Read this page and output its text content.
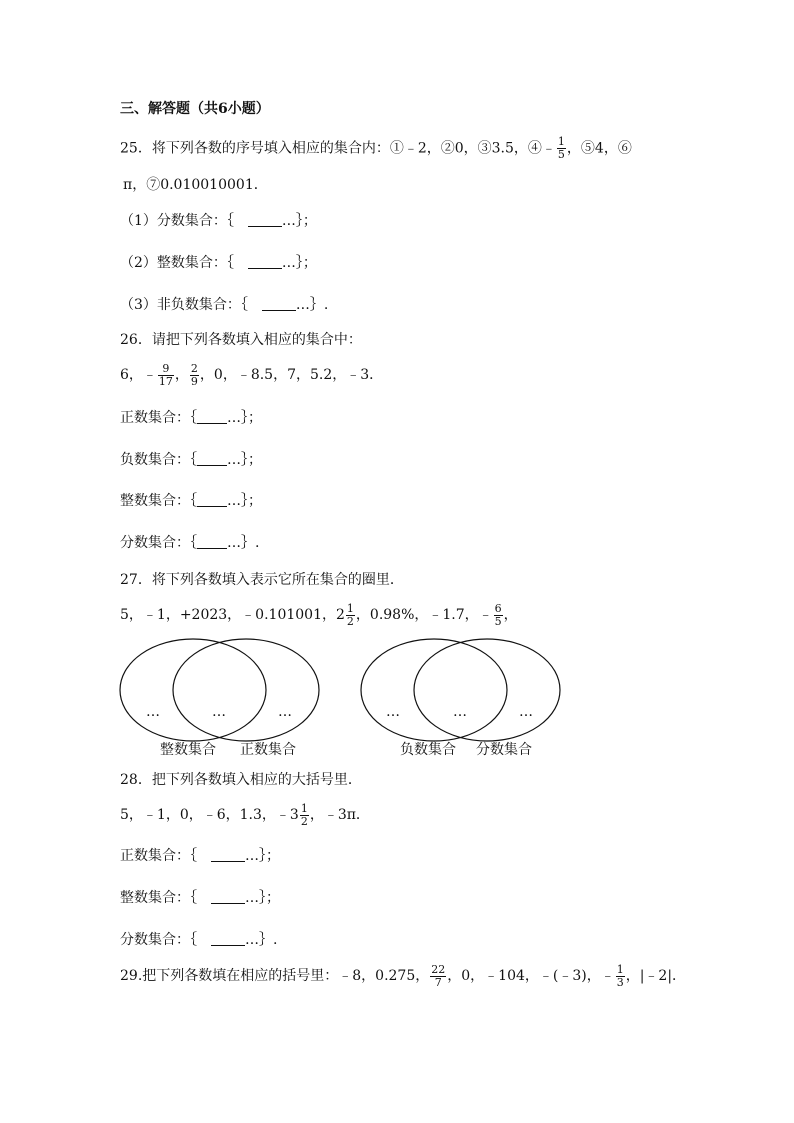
三、解答题（共6小题）
25．将下列各数的序号填入相应的集合内：①﹣2，②0，③3.5，④﹣ $\frac{1}{5}$ ，⑤4，⑥
π，⑦0.010010001．
（1）分数集合：｛	…｝；
（2）整数集合：｛	…｝；
（3）非负数集合：｛	…｝.
26．请把下列各数填入相应的集合中：
6，﹣ $\frac{9}{17}$ ， $\frac{2}{9}$ ，0，﹣8.5，7，5.2，﹣3．
正数集合：｛ …｝；
负数集合：｛ …｝；
整数集合：｛ …｝；
分数集合：｛ …｝.
27．将下列各数填入表示它所在集合的圈里．
5，﹣1，+2023，﹣0.101001， $2 \frac{1}{2}$ ，0.98%，﹣1.7，﹣ $\frac{6}{5}$ ，
…	…	…
整数集合 正数集合
…	…	…
负数集合 分数集合
28．把下列各数填入相应的大括号里．
5，﹣1，0，﹣6，1.3，﹣ $3 \frac{1}{2}$ ，﹣3π．
正数集合：｛	…｝；
整数集合：｛	…｝；
分数集合：｛	…｝.
29.把下列各数填在相应的括号里：﹣8，0.275， $\frac{22}{7}$ ，0，﹣104，﹣(﹣3)，﹣ $\frac{1}{3}$ ，|﹣2|．
